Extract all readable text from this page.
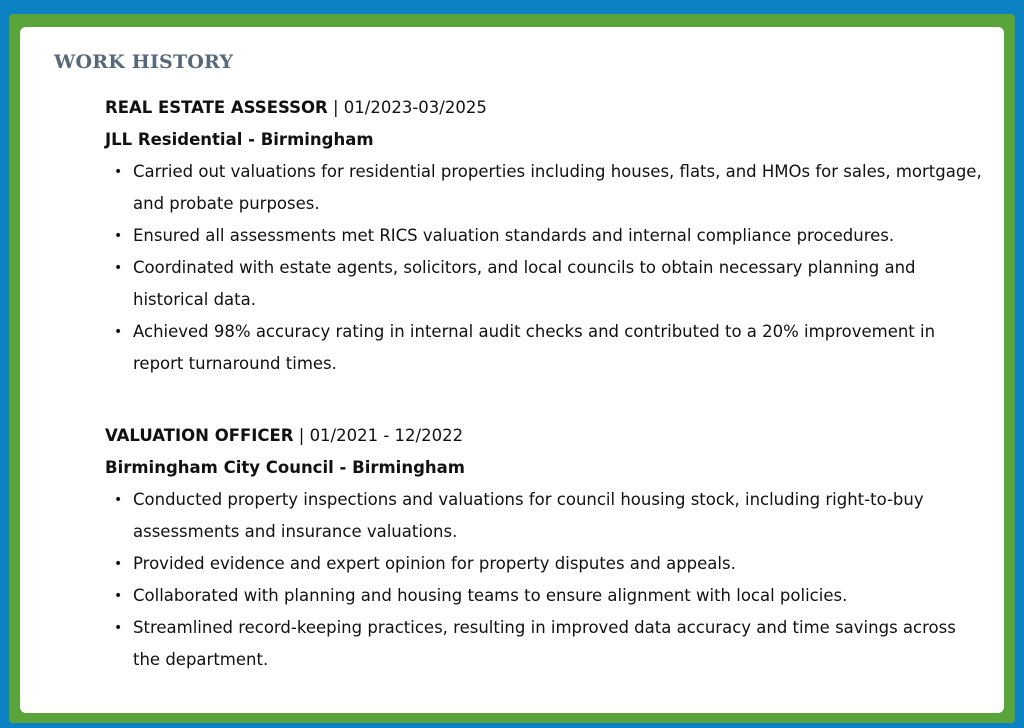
WORK HISTORY

REAL ESTATE ASSESSOR | 01/2023-03/2025

JLL Residential - Birmingham

• Carried out valuations for residential properties including houses, flats, and HMOs for sales, mortgage, and probate purposes.
• Ensured all assessments met RICS valuation standards and internal compliance procedures.
• Coordinated with estate agents, solicitors, and local councils to obtain necessary planning and historical data.
• Achieved 98% accuracy rating in internal audit checks and contributed to a 20% improvement in report turnaround times.

VALUATION OFFICER | 01/2021 - 12/2022

Birmingham City Council - Birmingham

• Conducted property inspections and valuations for council housing stock, including right-to-buy assessments and insurance valuations.
• Provided evidence and expert opinion for property disputes and appeals.
• Collaborated with planning and housing teams to ensure alignment with local policies.
• Streamlined record-keeping practices, resulting in improved data accuracy and time savings across the department.
